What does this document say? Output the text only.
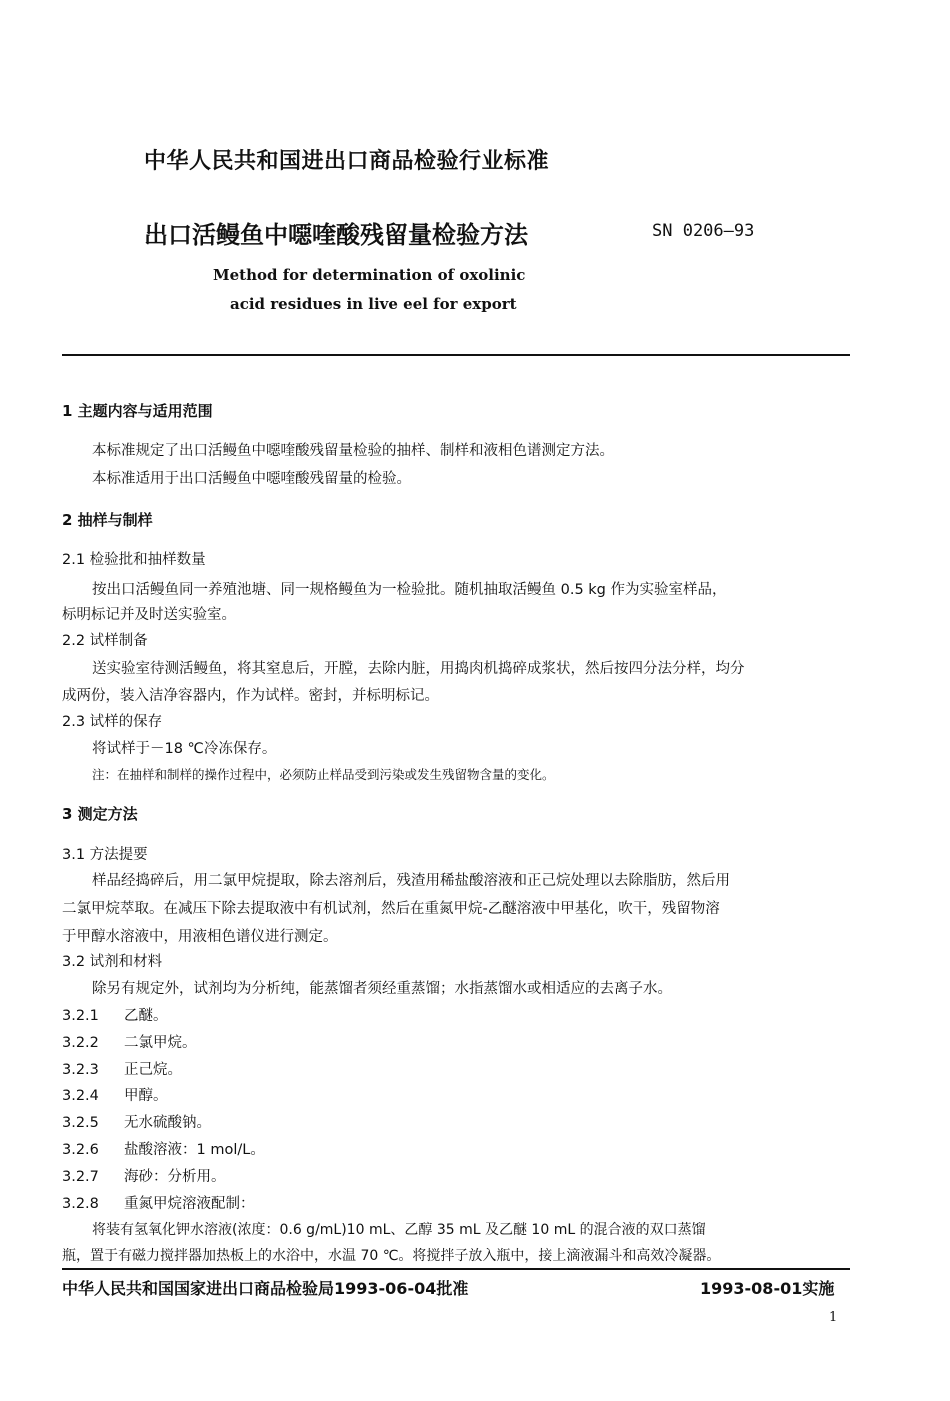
中华人民共和国进出口商品检验行业标准
出口活鳗鱼中噁喹酸残留量检验方法	SN 0206—93
Method for determination of oxolinic
acid residues in live eel for export
1 主题内容与适用范围
本标准规定了出口活鳗鱼中噁喹酸残留量检验的抽样、制样和液相色谱测定方法。
本标准适用于出口活鳗鱼中噁喹酸残留量的检验。
2 抽样与制样
2.1 检验批和抽样数量
按出口活鳗鱼同一养殖池塘、同一规格鳗鱼为一检验批。随机抽取活鳗鱼 0.5 kg 作为实验室样品，
标明标记并及时送实验室。
2.2 试样制备
送实验室待测活鳗鱼，将其窒息后，开膛，去除内脏，用捣肉机捣碎成浆状，然后按四分法分样，均分
成两份，装入洁净容器内，作为试样。密封，并标明标记。
2.3 试样的保存
将试样于－18 ℃冷冻保存。
注：在抽样和制样的操作过程中，必须防止样品受到污染或发生残留物含量的变化。
3 测定方法
3.1 方法提要
样品经捣碎后，用二氯甲烷提取，除去溶剂后，残渣用稀盐酸溶液和正己烷处理以去除脂肪，然后用
二氯甲烷萃取。在减压下除去提取液中有机试剂，然后在重氮甲烷-乙醚溶液中甲基化，吹干，残留物溶
于甲醇水溶液中，用液相色谱仪进行测定。
3.2 试剂和材料
除另有规定外，试剂均为分析纯，能蒸馏者须经重蒸馏；水指蒸馏水或相适应的去离子水。
3.2.1 乙醚。
3.2.2 二氯甲烷。
3.2.3 正己烷。
3.2.4 甲醇。
3.2.5 无水硫酸钠。
3.2.6 盐酸溶液：1 mol/L。
3.2.7 海砂：分析用。
3.2.8 重氮甲烷溶液配制：
将装有氢氧化钾水溶液(浓度：0.6 g/mL)10 mL、乙醇 35 mL 及乙醚 10 mL 的混合液的双口蒸馏
瓶，置于有磁力搅拌器加热板上的水浴中，水温 70 ℃。将搅拌子放入瓶中，接上滴液漏斗和高效冷凝器。
中华人民共和国国家进出口商品检验局1993-06-04批准	1993-08-01实施
1
